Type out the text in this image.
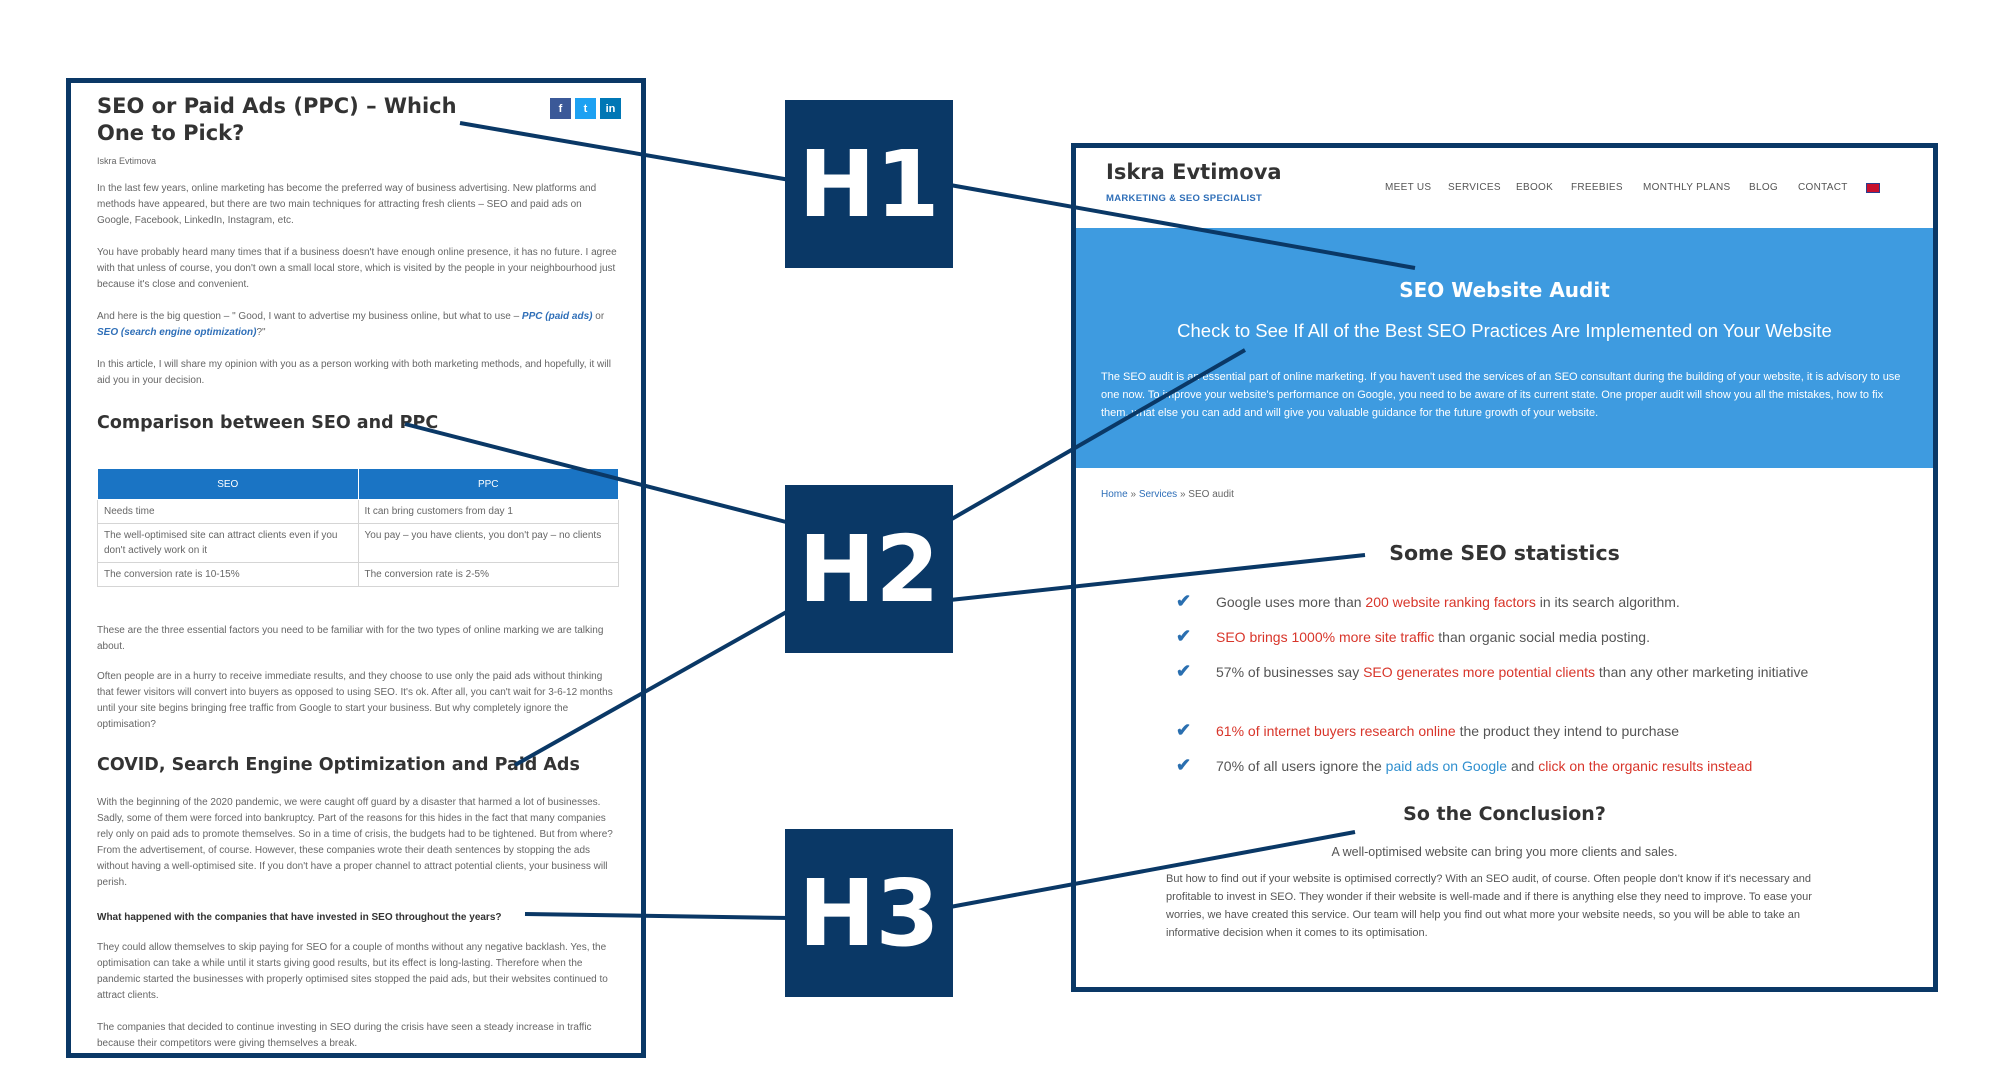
SEO or Paid Ads (PPC) – Which One to Pick?
f	t	in
Iskra Evtimova
In the last few years, online marketing has become the preferred way of business advertising. New platforms and methods have appeared, but there are two main techniques for attracting fresh clients – SEO and paid ads on Google, Facebook, LinkedIn, Instagram, etc.
You have probably heard many times that if a business doesn't have enough online presence, it has no future. I agree with that unless of course, you don't own a small local store, which is visited by the people in your neighbourhood just because it's close and convenient.
And here is the big question – " Good, I want to advertise my business online, but what to use – PPC (paid ads) or SEO (search engine optimization)?"
In this article, I will share my opinion with you as a person working with both marketing methods, and hopefully, it will aid you in your decision.
Comparison between SEO and PPC
SEO	PPC
Needs time	It can bring customers from day 1
The well-optimised site can attract clients even if you don't actively work on it	You pay – you have clients, you don't pay – no clients
The conversion rate is 10-15%	The conversion rate is 2-5%
These are the three essential factors you need to be familiar with for the two types of online marking we are talking about.
Often people are in a hurry to receive immediate results, and they choose to use only the paid ads without thinking that fewer visitors will convert into buyers as opposed to using SEO. It's ok. After all, you can't wait for 3-6-12 months until your site begins bringing free traffic from Google to start your business. But why completely ignore the optimisation?
COVID, Search Engine Optimization and Paid Ads
With the beginning of the 2020 pandemic, we were caught off guard by a disaster that harmed a lot of businesses. Sadly, some of them were forced into bankruptcy. Part of the reasons for this hides in the fact that many companies rely only on paid ads to promote themselves. So in a time of crisis, the budgets had to be tightened. But from where? From the advertisement, of course. However, these companies wrote their death sentences by stopping the ads without having a well-optimised site. If you don't have a proper channel to attract potential clients, your business will perish.
What happened with the companies that have invested in SEO throughout the years?
They could allow themselves to skip paying for SEO for a couple of months without any negative backlash. Yes, the optimisation can take a while until it starts giving good results, but its effect is long-lasting. Therefore when the pandemic started the businesses with properly optimised sites stopped the paid ads, but their websites continued to attract clients.
The companies that decided to continue investing in SEO during the crisis have seen a steady increase in traffic because their competitors were giving themselves a break.
Iskra Evtimova
MARKETING & SEO SPECIALIST
MEET US SERVICES EBOOK FREEBIES MONTHLY PLANS BLOG CONTACT
SEO Website Audit
Check to See If All of the Best SEO Practices Are Implemented on Your Website
The SEO audit is an essential part of online marketing. If you haven't used the services of an SEO consultant during the building of your website, it is advisory to use one now. To improve your website's performance on Google, you need to be aware of its current state. One proper audit will show you all the mistakes, how to fix them, what else you can add and will give you valuable guidance for the future growth of your website.
Home » Services » SEO audit
Some SEO statistics
✔ Google uses more than 200 website ranking factors in its search algorithm.
✔ SEO brings 1000% more site traffic than organic social media posting.
✔ 57% of businesses say SEO generates more potential clients than any other marketing initiative
✔ 61% of internet buyers research online the product they intend to purchase
✔ 70% of all users ignore the paid ads on Google and click on the organic results instead
So the Conclusion?
A well-optimised website can bring you more clients and sales.
But how to find out if your website is optimised correctly? With an SEO audit, of course. Often people don't know if it's necessary and profitable to invest in SEO. They wonder if their website is well-made and if there is anything else they need to improve. To ease your worries, we have created this service. Our team will help you find out what more your website needs, so you will be able to take an informative decision when it comes to its optimisation.
H1
H2
H3
